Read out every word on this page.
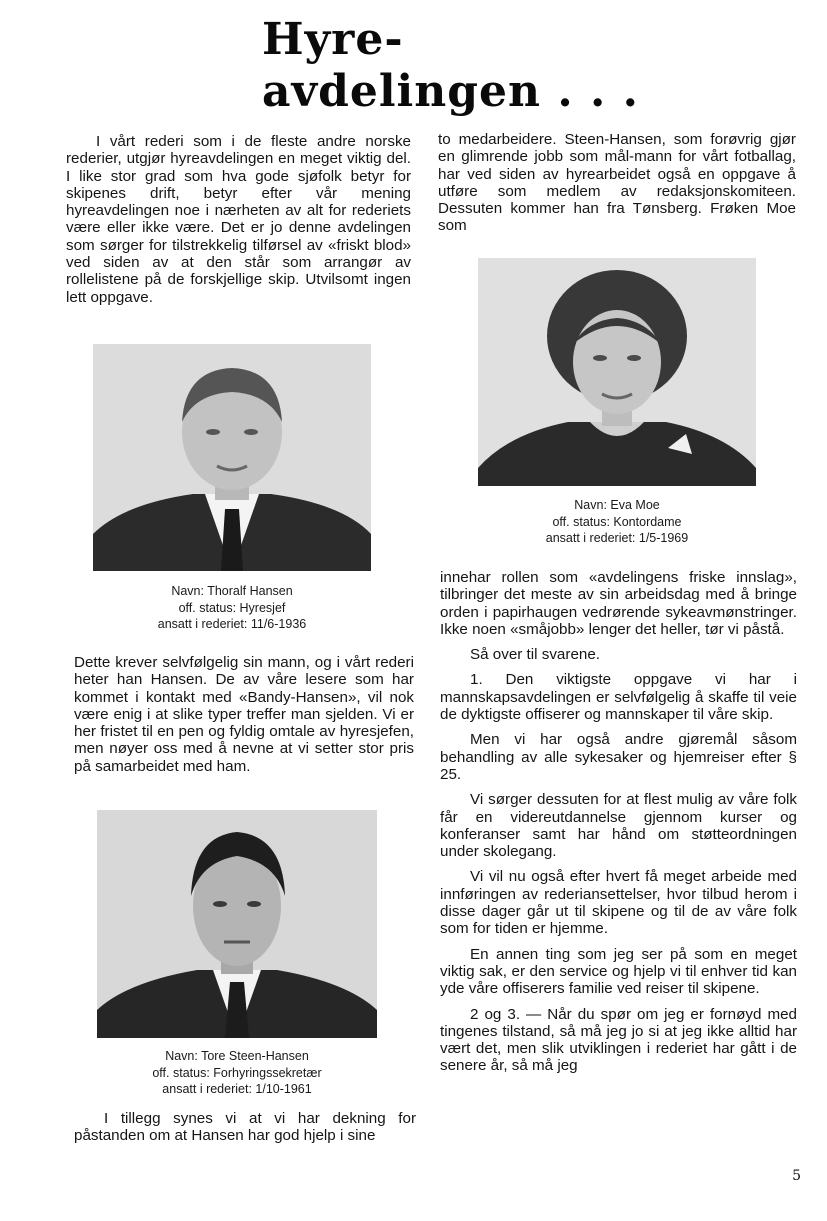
Hyre-
avdelingen . . .

I vårt rederi som i de fleste andre norske rederier, utgjør hyreavdelingen en meget viktig del. I like stor grad som hva gode sjøfolk betyr for skipenes drift, betyr efter vår mening hyreavdelingen noe i nærheten av alt for rederiets være eller ikke være. Det er jo denne avdelingen som sørger for tilstrekkelig tilførsel av «friskt blod» ved siden av at den står som arrangør av rollelistene på de forskjellige skip. Utvilsomt ingen lett oppgave.

Navn: Thoralf Hansen
off. status: Hyresjef
ansatt i rederiet: 11/6-1936

Dette krever selvfølgelig sin mann, og i vårt rederi heter han Hansen. De av våre lesere som har kommet i kontakt med «Bandy-Hansen», vil nok være enig i at slike typer treffer man sjelden. Vi er her fristet til en pen og fyldig omtale av hyresjefen, men nøyer oss med å nevne at vi setter stor pris på samarbeidet med ham.

Navn: Tore Steen-Hansen
off. status: Forhyringssekretær
ansatt i rederiet: 1/10-1961

I tillegg synes vi at vi har dekning for påstanden om at Hansen har god hjelp i sine

to medarbeidere. Steen-Hansen, som forøvrig gjør en glimrende jobb som mål-mann for vårt fotballag, har ved siden av hyrearbeidet også en oppgave å utføre som medlem av redaksjonskomiteen. Dessuten kommer han fra Tønsberg. Frøken Moe som

Navn: Eva Moe
off. status: Kontordame
ansatt i rederiet: 1/5-1969

innehar rollen som «avdelingens friske innslag», tilbringer det meste av sin arbeidsdag med å bringe orden i papirhaugen vedrørende sykeavmønstringer. Ikke noen «småjobb» lenger det heller, tør vi påstå.

Så over til svarene.

1. Den viktigste oppgave vi har i mannskapsavdelingen er selvfølgelig å skaffe til veie de dyktigste offiserer og mannskaper til våre skip.

Men vi har også andre gjøremål såsom behandling av alle sykesaker og hjemreiser efter § 25.

Vi sørger dessuten for at flest mulig av våre folk får en videreutdannelse gjennom kurser og konferanser samt har hånd om støtteordningen under skolegang.

Vi vil nu også efter hvert få meget arbeide med innføringen av rederiansettelser, hvor tilbud herom i disse dager går ut til skipene og til de av våre folk som for tiden er hjemme.

En annen ting som jeg ser på som en meget viktig sak, er den service og hjelp vi til enhver tid kan yde våre offiserers familie ved reiser til skipene.

2 og 3. — Når du spør om jeg er fornøyd med tingenes tilstand, så må jeg jo si at jeg ikke alltid har vært det, men slik utviklingen i rederiet har gått i de senere år, så må jeg

5
